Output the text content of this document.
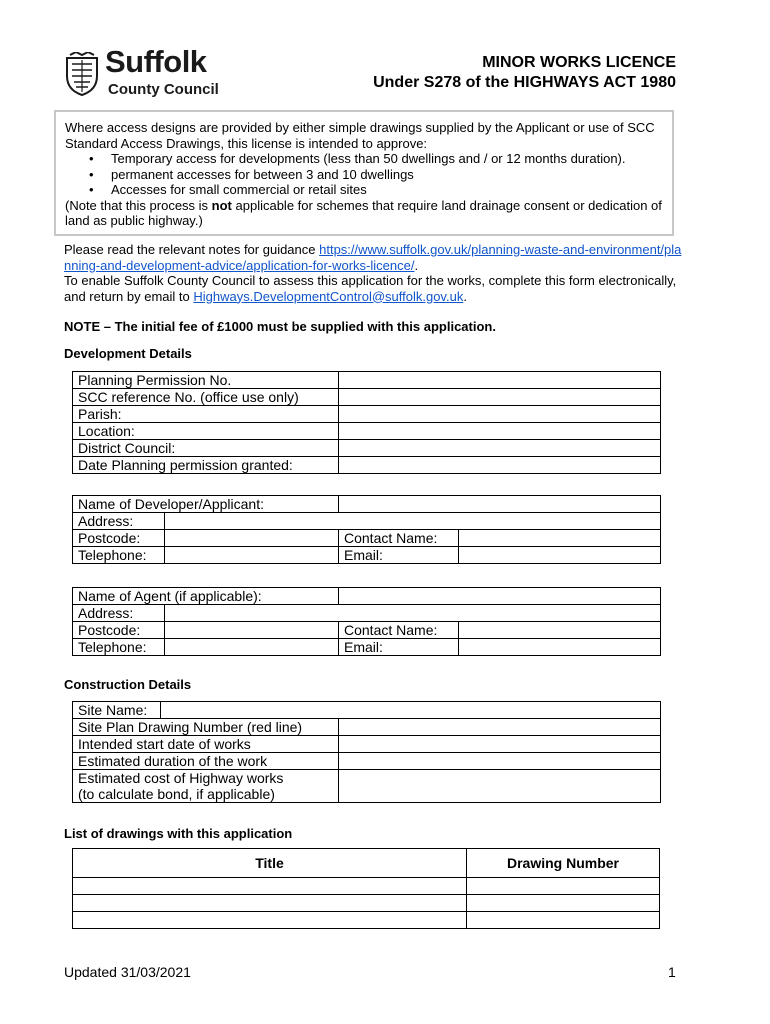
Suffolk
County Council
MINOR WORKS LICENCE
Under S278 of the HIGHWAYS ACT 1980
Where access designs are provided by either simple drawings supplied by the Applicant or use of SCC Standard Access Drawings, this license is intended to approve:
• Temporary access for developments (less than 50 dwellings and / or 12 months duration).
• permanent accesses for between 3 and 10 dwellings
• Accesses for small commercial or retail sites
(Note that this process is not applicable for schemes that require land drainage consent or dedication of land as public highway.)
Please read the relevant notes for guidance https://www.suffolk.gov.uk/planning-waste-and-environment/planning-and-development-advice/application-for-works-licence/.
To enable Suffolk County Council to assess this application for the works, complete this form electronically, and return by email to Highways.DevelopmentControl@suffolk.gov.uk.
NOTE – The initial fee of £1000 must be supplied with this application.
Development Details
Planning Permission No.	
SCC reference No. (office use only)	
Parish:	
Location:	
District Council:	
Date Planning permission granted:	
Name of Developer/Applicant:			
Address:			
Postcode:		Contact Name:	
Telephone:		Email:	
Name of Agent (if applicable):			
Address:			
Postcode:		Contact Name:	
Telephone:		Email:	
Construction Details
Site Name:		
Site Plan Drawing Number (red line)		
Intended start date of works		
Estimated duration of the work		

Estimated cost of Highway works
(to calculate bond, if applicable)		

List of drawings with this application
Title	Drawing Number

Updated 31/03/2021	1
